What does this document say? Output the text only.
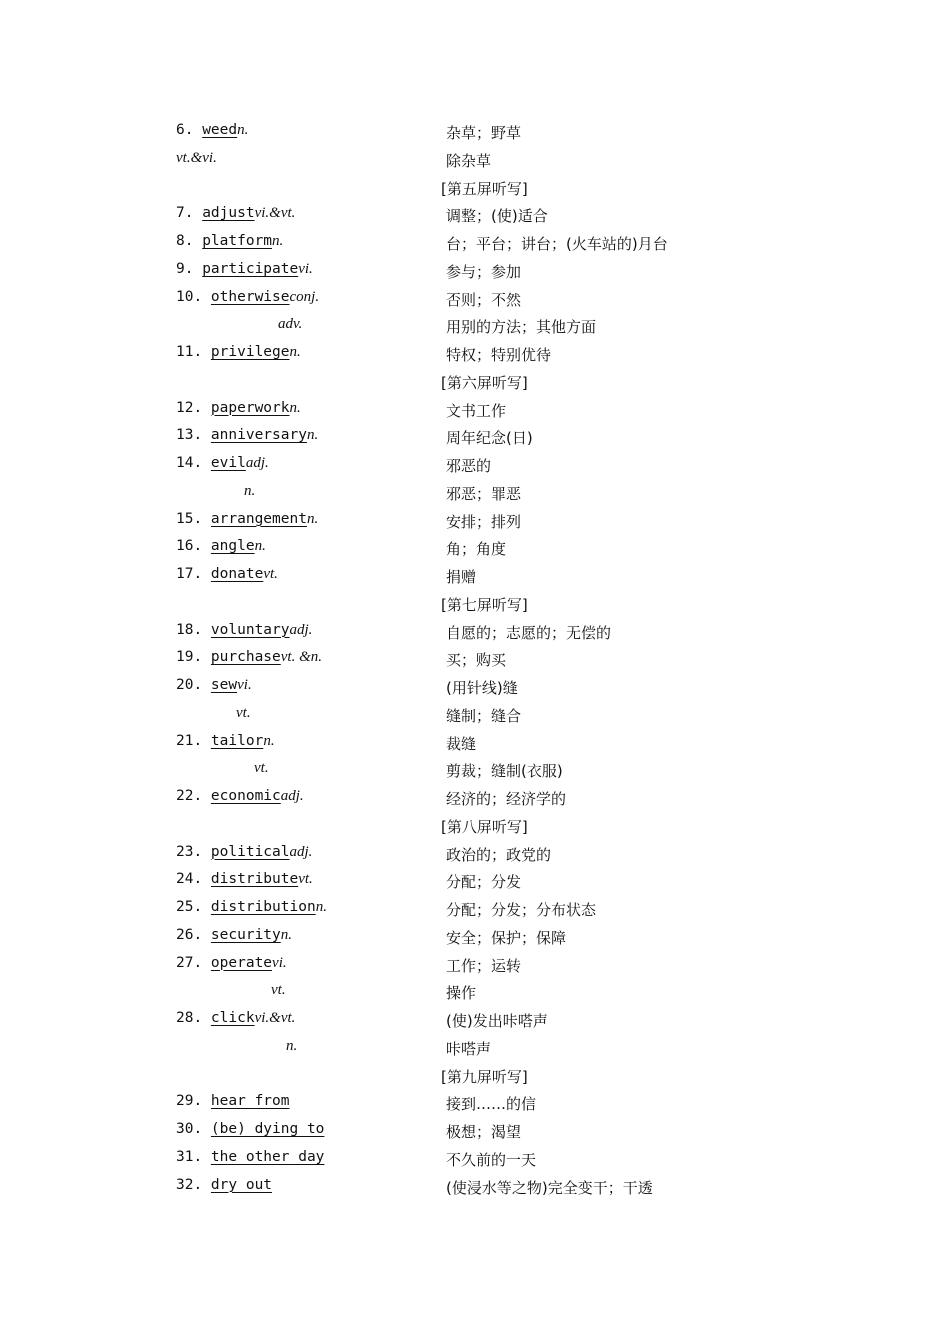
6. weedn.	杂草；野草
vt.&vi.	除杂草
[第五屏听写]
7. adjustvi.&vt.	调整；(使)适合
8. platformn.	台；平台；讲台；(火车站的)月台
9. participatevi.	参与；参加
10. otherwiseconj.	否则；不然
adv.	用别的方法；其他方面
11. privilegen.	特权；特别优待
[第六屏听写]
12. paperworkn.	文书工作
13. anniversaryn.	周年纪念(日)
14. eviladj.	邪恶的
n.	邪恶；罪恶
15. arrangementn.	安排；排列
16. anglen.	角；角度
17. donatevt.	捐赠
[第七屏听写]
18. voluntaryadj.	自愿的；志愿的；无偿的
19. purchasevt. &n.	买；购买
20. sewvi.	(用针线)缝
vt.	缝制；缝合
21. tailorn.	裁缝
vt.	剪裁；缝制(衣服)
22. economicadj.	经济的；经济学的
[第八屏听写]
23. politicaladj.	政治的；政党的
24. distributevt.	分配；分发
25. distributionn.	分配；分发；分布状态
26. securityn.	安全；保护；保障
27. operatevi.	工作；运转
vt.	操作
28. clickvi.&vt.	(使)发出咔嗒声
n.	咔嗒声
[第九屏听写]
29. hear from	接到……的信
30. (be) dying to	极想；渴望
31. the other day	不久前的一天
32. dry out	(使浸水等之物)完全变干；干透
